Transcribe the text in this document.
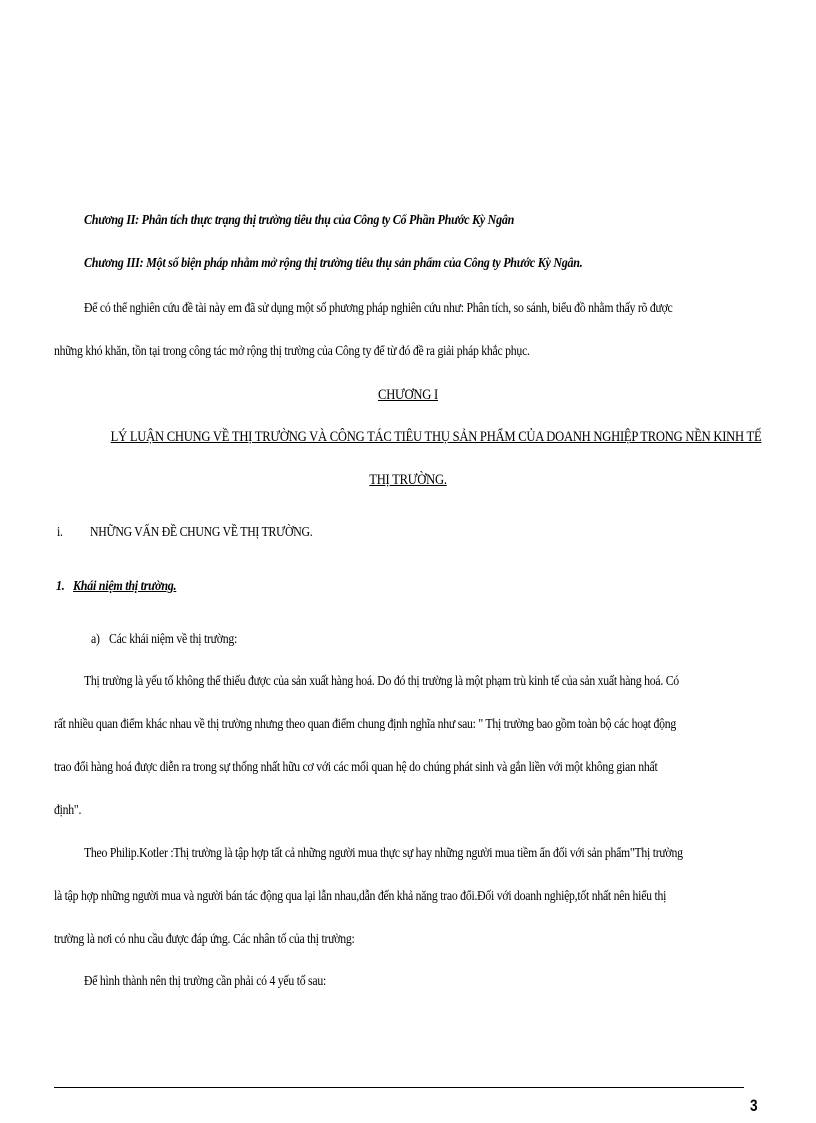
Chương II: Phân tích thực trạng thị trường tiêu thụ của Công ty Cổ Phần Phước Kỳ Ngân
Chương III: Một số biện pháp nhằm mở rộng thị trường tiêu thụ sản phẩm của Công ty Phước Kỳ Ngân.
Để có thể nghiên cứu đề tài này em đã sử dụng một số phương pháp nghiên cứu như: Phân tích, so sánh, biểu đồ nhằm thấy rõ được
những khó khăn, tồn tại trong công tác mở rộng thị trường của Công ty để từ đó đề ra giải pháp khắc phục.
CHƯƠNG I
LÝ LUẬN CHUNG VỀ THỊ TRƯỜNG VÀ CÔNG TÁC TIÊU THỤ SẢN PHẨM CỦA DOANH NGHIỆP TRONG NỀN KINH TẾ
THỊ TRƯỜNG.
i. NHỮNG VẤN ĐỀ CHUNG VỀ THỊ TRƯỜNG.
1. Khái niệm thị trường.
a) Các khái niệm về thị trường:
Thị trường là yếu tố không thể thiếu được của sản xuất hàng hoá. Do đó thị trường là một phạm trù kinh tế của sản xuất hàng hoá. Có
rất nhiều quan điểm khác nhau về thị trường nhưng theo quan điểm chung định nghĩa như sau: " Thị trường bao gồm toàn bộ các hoạt động
trao đổi hàng hoá được diễn ra trong sự thống nhất hữu cơ với các mối quan hệ do chúng phát sinh và gắn liền với một không gian nhất
định".
Theo Philip.Kotler :Thị trường là tập hợp tất cả những người mua thực sự hay những người mua tiềm ẩn đối với sản phẩm"Thị trường
là tập hợp những người mua và người bán tác động qua lại lẫn nhau,dẫn đến khả năng trao đổi.Đối với doanh nghiệp,tốt nhất nên hiểu thị
trường là nơi có nhu cầu được đáp ứng. Các nhân tố của thị trường:
Để hình thành nên thị trường cần phải có 4 yếu tố sau:
3
